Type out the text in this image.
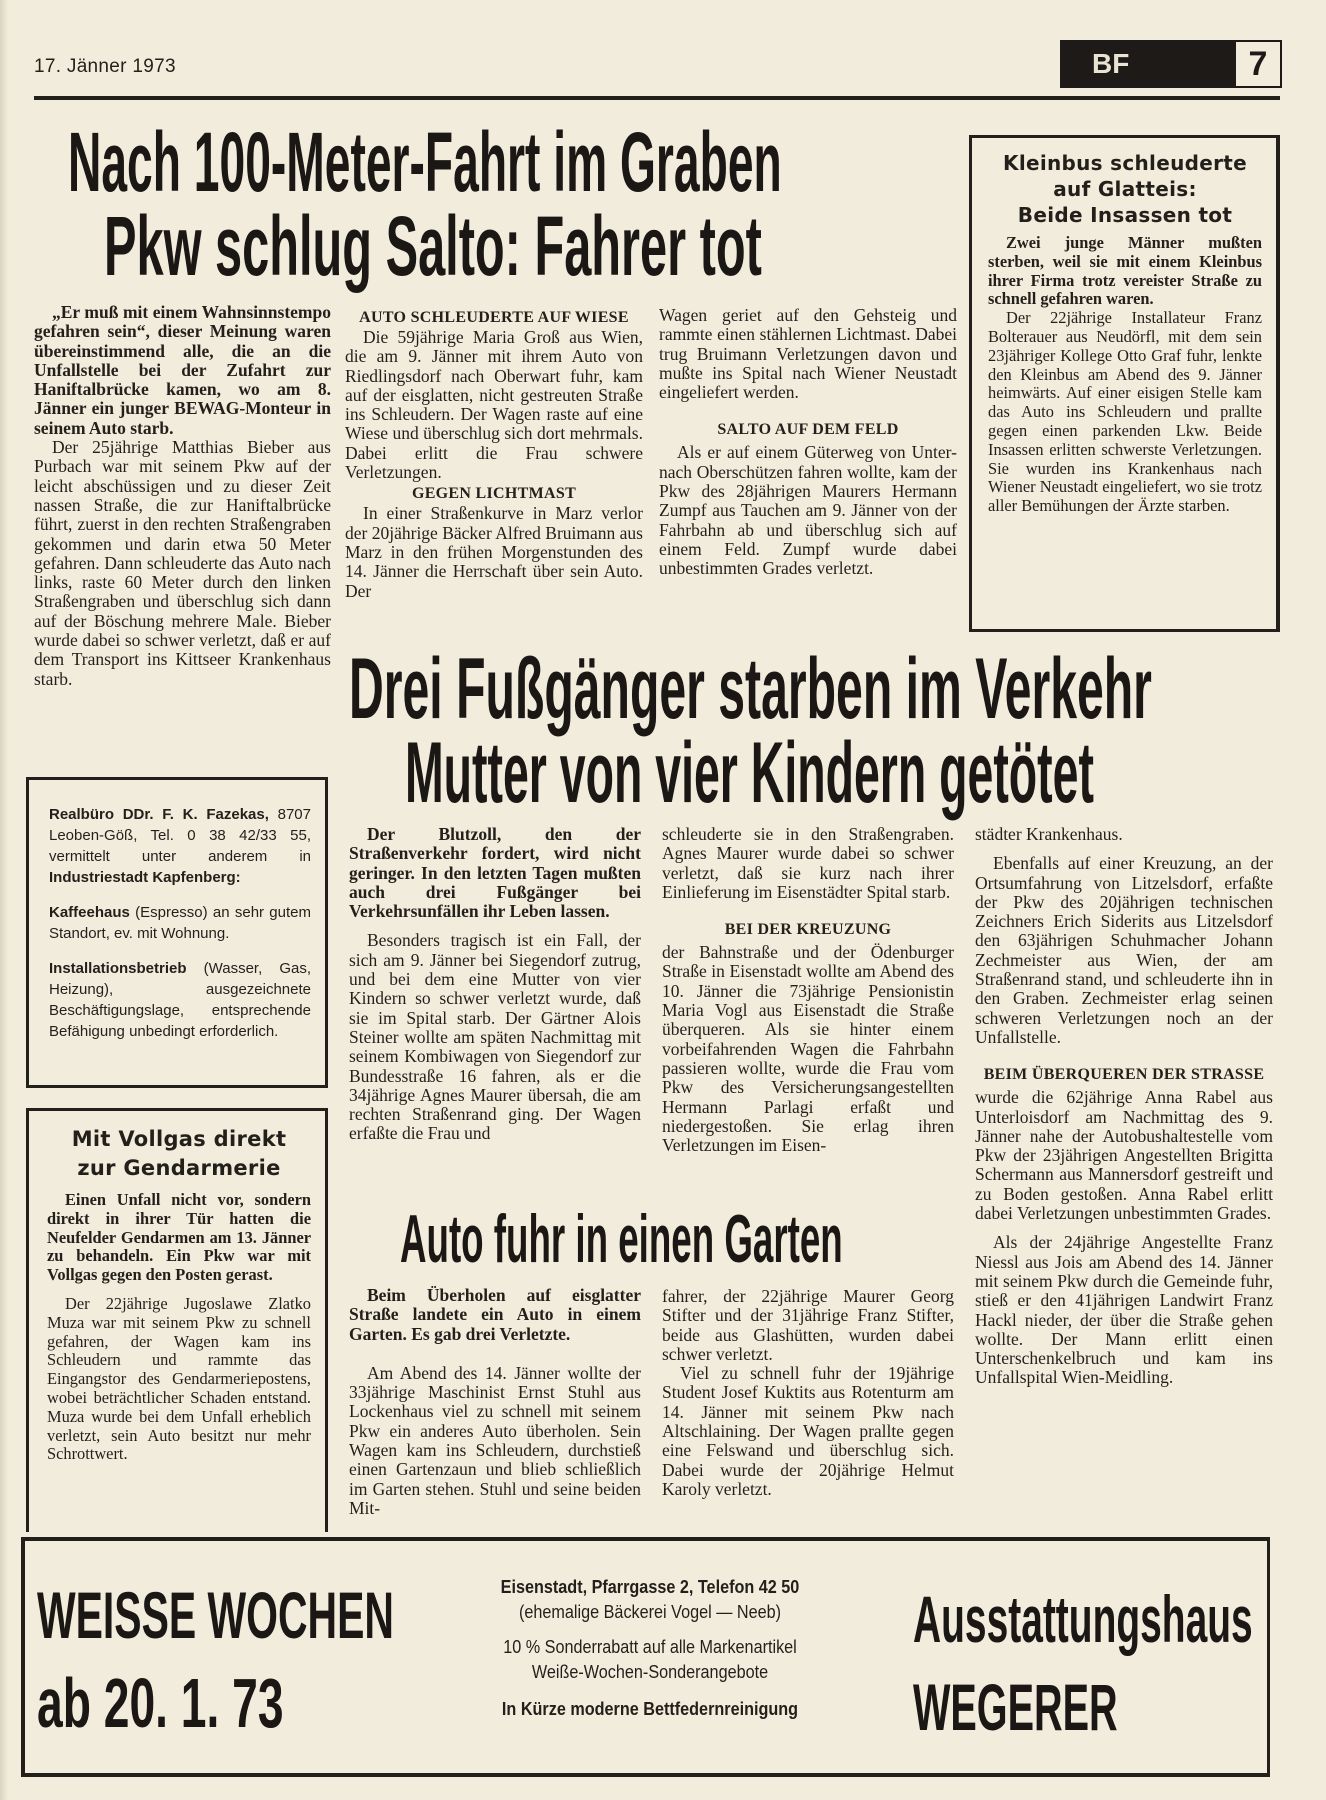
17. Jänner 1973	BF	7
Nach 100-Meter-Fahrt im Graben
Pkw schlug Salto: Fahrer tot

„Er muß mit einem Wahnsinnstempo gefahren sein“, dieser Meinung waren übereinstimmend alle, die an die Unfallstelle bei der Zufahrt zur Haniftalbrücke kamen, wo am 8. Jänner ein junger BEWAG-Monteur in seinem Auto starb.

Der 25jährige Matthias Bieber aus Purbach war mit seinem Pkw auf der leicht abschüssigen und zu dieser Zeit nassen Straße, die zur Haniftalbrücke führt, zuerst in den rechten Straßengraben gekommen und darin etwa 50 Meter gefahren. Dann schleuderte das Auto nach links, raste 60 Meter durch den linken Straßengraben und überschlug sich dann auf der Böschung mehrere Male. Bieber wurde dabei so schwer verletzt, daß er auf dem Transport ins Kittseer Krankenhaus starb.

AUTO SCHLEUDERTE AUF WIESE

Die 59jährige Maria Groß aus Wien, die am 9. Jänner mit ihrem Auto von Riedlingsdorf nach Oberwart fuhr, kam auf der eisglatten, nicht gestreuten Straße ins Schleudern. Der Wagen raste auf eine Wiese und überschlug sich dort mehrmals. Dabei erlitt die Frau schwere Verletzungen.

GEGEN LICHTMAST

In einer Straßenkurve in Marz verlor der 20jährige Bäcker Alfred Bruimann aus Marz in den frühen Morgenstunden des 14. Jänner die Herrschaft über sein Auto. Der

Wagen geriet auf den Gehsteig und rammte einen stählernen Lichtmast. Dabei trug Bruimann Verletzungen davon und mußte ins Spital nach Wiener Neustadt eingeliefert werden.

SALTO AUF DEM FELD

Als er auf einem Güterweg von Unter- nach Oberschützen fahren wollte, kam der Pkw des 28jährigen Maurers Hermann Zumpf aus Tauchen am 9. Jänner von der Fahrbahn ab und überschlug sich auf einem Feld. Zumpf wurde dabei unbestimmten Grades verletzt.

Kleinbus schleuderte
auf Glatteis:
Beide Insassen tot

Zwei junge Männer mußten sterben, weil sie mit einem Kleinbus ihrer Firma trotz vereister Straße zu schnell gefahren waren.

Der 22jährige Installateur Franz Bolterauer aus Neudörfl, mit dem sein 23jähriger Kollege Otto Graf fuhr, lenkte den Kleinbus am Abend des 9. Jänner heimwärts. Auf einer eisigen Stelle kam das Auto ins Schleudern und prallte gegen einen parkenden Lkw. Beide Insassen erlitten schwerste Verletzungen. Sie wurden ins Krankenhaus nach Wiener Neustadt eingeliefert, wo sie trotz aller Bemühungen der Ärzte starben.

Realbüro DDr. F. K. Fazekas, 8707 Leoben-Göß, Tel. 0 38 42/33 55, vermittelt unter anderem in Industriestadt Kapfenberg:

Kaffeehaus (Espresso) an sehr gutem Standort, ev. mit Wohnung.

Installationsbetrieb (Wasser, Gas, Heizung), ausgezeichnete Beschäftigungslage, entsprechende Befähigung unbedingt erforderlich.

Mit Vollgas direkt
zur Gendarmerie

Einen Unfall nicht vor, sondern direkt in ihrer Tür hatten die Neufelder Gendarmen am 13. Jänner zu behandeln. Ein Pkw war mit Vollgas gegen den Posten gerast.

Der 22jährige Jugoslawe Zlatko Muza war mit seinem Pkw zu schnell gefahren, der Wagen kam ins Schleudern und rammte das Eingangstor des Gendarmeriepostens, wobei beträchtlicher Schaden entstand. Muza wurde bei dem Unfall erheblich verletzt, sein Auto besitzt nur mehr Schrottwert.

Drei Fußgänger starben im Verkehr
Mutter von vier Kindern getötet

Der Blutzoll, den der Straßenverkehr fordert, wird nicht geringer. In den letzten Tagen mußten auch drei Fußgänger bei Verkehrsunfällen ihr Leben lassen.

Besonders tragisch ist ein Fall, der sich am 9. Jänner bei Siegendorf zutrug, und bei dem eine Mutter von vier Kindern so schwer verletzt wurde, daß sie im Spital starb. Der Gärtner Alois Steiner wollte am späten Nachmittag mit seinem Kombiwagen von Siegendorf zur Bundesstraße 16 fahren, als er die 34jährige Agnes Maurer übersah, die am rechten Straßenrand ging. Der Wagen erfaßte die Frau und

schleuderte sie in den Straßengraben. Agnes Maurer wurde dabei so schwer verletzt, daß sie kurz nach ihrer Einlieferung im Eisenstädter Spital starb.

BEI DER KREUZUNG

der Bahnstraße und der Ödenburger Straße in Eisenstadt wollte am Abend des 10. Jänner die 73jährige Pensionistin Maria Vogl aus Eisenstadt die Straße überqueren. Als sie hinter einem vorbeifahrenden Wagen die Fahrbahn passieren wollte, wurde die Frau vom Pkw des Versicherungsangestellten Hermann Parlagi erfaßt und niedergestoßen. Sie erlag ihren Verletzungen im Eisen-

städter Krankenhaus.

Ebenfalls auf einer Kreuzung, an der Ortsumfahrung von Litzelsdorf, erfaßte der Pkw des 20jährigen technischen Zeichners Erich Siderits aus Litzelsdorf den 63jährigen Schuhmacher Johann Zechmeister aus Wien, der am Straßenrand stand, und schleuderte ihn in den Graben. Zechmeister erlag seinen schweren Verletzungen noch an der Unfallstelle.

BEIM ÜBERQUEREN DER STRASSE

wurde die 62jährige Anna Rabel aus Unterloisdorf am Nachmittag des 9. Jänner nahe der Autobushaltestelle vom Pkw der 23jährigen Angestellten Brigitta Schermann aus Mannersdorf gestreift und zu Boden gestoßen. Anna Rabel erlitt dabei Verletzungen unbestimmten Grades.

Als der 24jährige Angestellte Franz Niessl aus Jois am Abend des 14. Jänner mit seinem Pkw durch die Gemeinde fuhr, stieß er den 41jährigen Landwirt Franz Hackl nieder, der über die Straße gehen wollte. Der Mann erlitt einen Unterschenkelbruch und kam ins Unfallspital Wien-Meidling.

Auto fuhr in einen Garten

Beim Überholen auf eisglatter Straße landete ein Auto in einem Garten. Es gab drei Verletzte.

Am Abend des 14. Jänner wollte der 33jährige Maschinist Ernst Stuhl aus Lockenhaus viel zu schnell mit seinem Pkw ein anderes Auto überholen. Sein Wagen kam ins Schleudern, durchstieß einen Gartenzaun und blieb schließlich im Garten stehen. Stuhl und seine beiden Mit-

fahrer, der 22jährige Maurer Georg Stifter und der 31jährige Franz Stifter, beide aus Glashütten, wurden dabei schwer verletzt.

Viel zu schnell fuhr der 19jährige Student Josef Kuktits aus Rotenturm am 14. Jänner mit seinem Pkw nach Altschlaining. Der Wagen prallte gegen eine Felswand und überschlug sich. Dabei wurde der 20jährige Helmut Karoly verletzt.

WEISSE WOCHEN
ab 20. 1. 73
Eisenstadt, Pfarrgasse 2, Telefon 42 50
(ehemalige Bäckerei Vogel — Neeb)
10 % Sonderrabatt auf alle Markenartikel
Weiße-Wochen-Sonderangebote
In Kürze moderne Bettfedernreinigung
Ausstattungshaus
WEGERER
